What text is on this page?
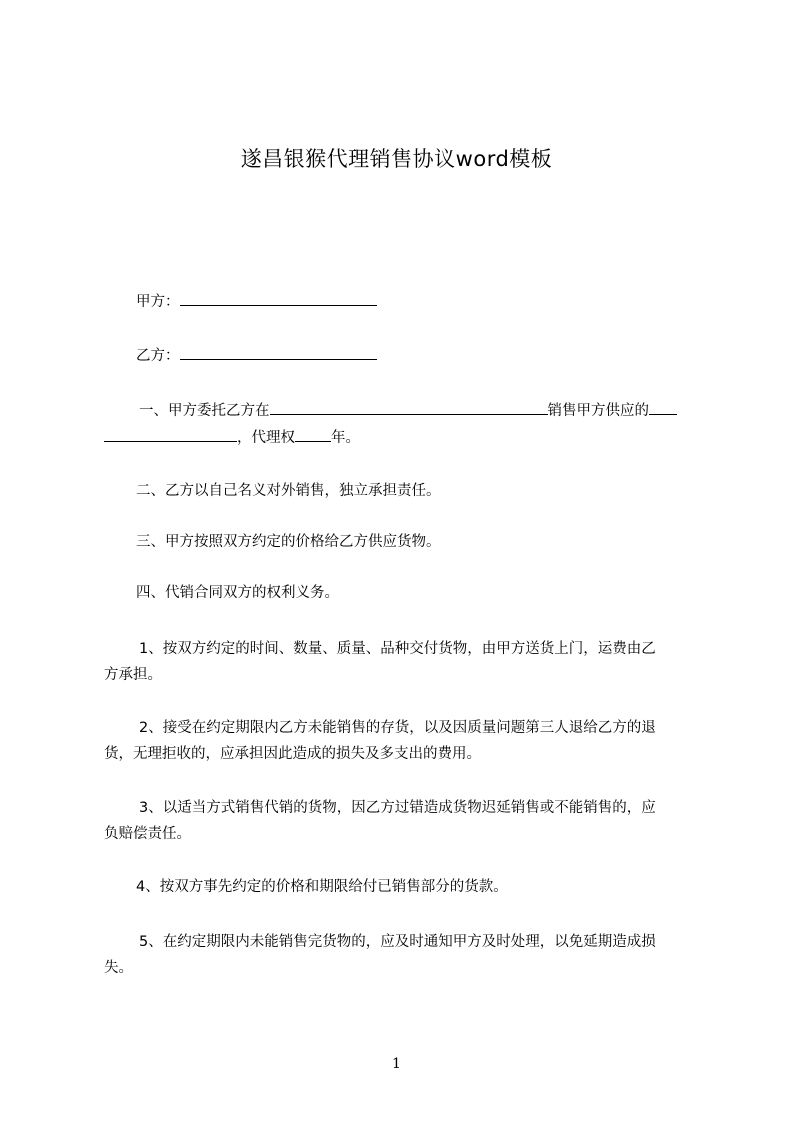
遂昌银猴代理销售协议word模板
甲方：
乙方：
一、甲方委托乙方在	销售甲方供应的
，代理权 年。
二、乙方以自己名义对外销售，独立承担责任。
三、甲方按照双方约定的价格给乙方供应货物。
四、代销合同双方的权利义务。
1、按双方约定的时间、数量、质量、品种交付货物，由甲方送货上门，运费由乙
方承担。
2、接受在约定期限内乙方未能销售的存货，以及因质量问题第三人退给乙方的退
货，无理拒收的，应承担因此造成的损失及多支出的费用。
3、以适当方式销售代销的货物，因乙方过错造成货物迟延销售或不能销售的，应
负赔偿责任。
4、按双方事先约定的价格和期限给付已销售部分的货款。
5、在约定期限内未能销售完货物的，应及时通知甲方及时处理，以免延期造成损
失。
1
